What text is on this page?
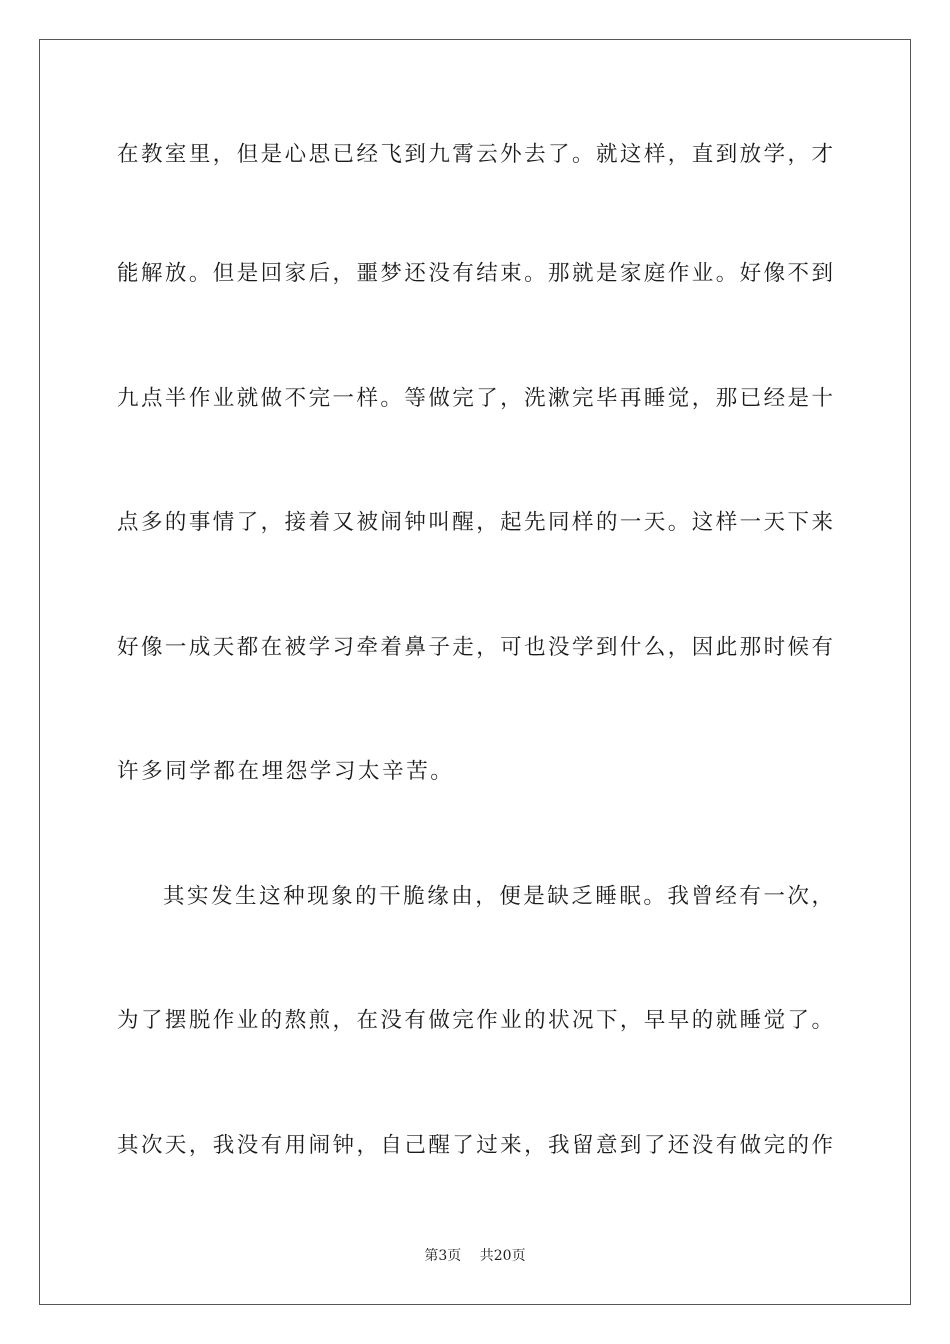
在教室里，但是心思已经飞到九霄云外去了。就这样，直到放学，才
能解放。但是回家后，噩梦还没有结束。那就是家庭作业。好像不到
九点半作业就做不完一样。等做完了，洗漱完毕再睡觉，那已经是十
点多的事情了，接着又被闹钟叫醒，起先同样的一天。这样一天下来
好像一成天都在被学习牵着鼻子走，可也没学到什么，因此那时候有
许多同学都在埋怨学习太辛苦。
其实发生这种现象的干脆缘由，便是缺乏睡眠。我曾经有一次，
为了摆脱作业的熬煎，在没有做完作业的状况下，早早的就睡觉了。
其次天，我没有用闹钟，自己醒了过来，我留意到了还没有做完的作
第3页 共20页
